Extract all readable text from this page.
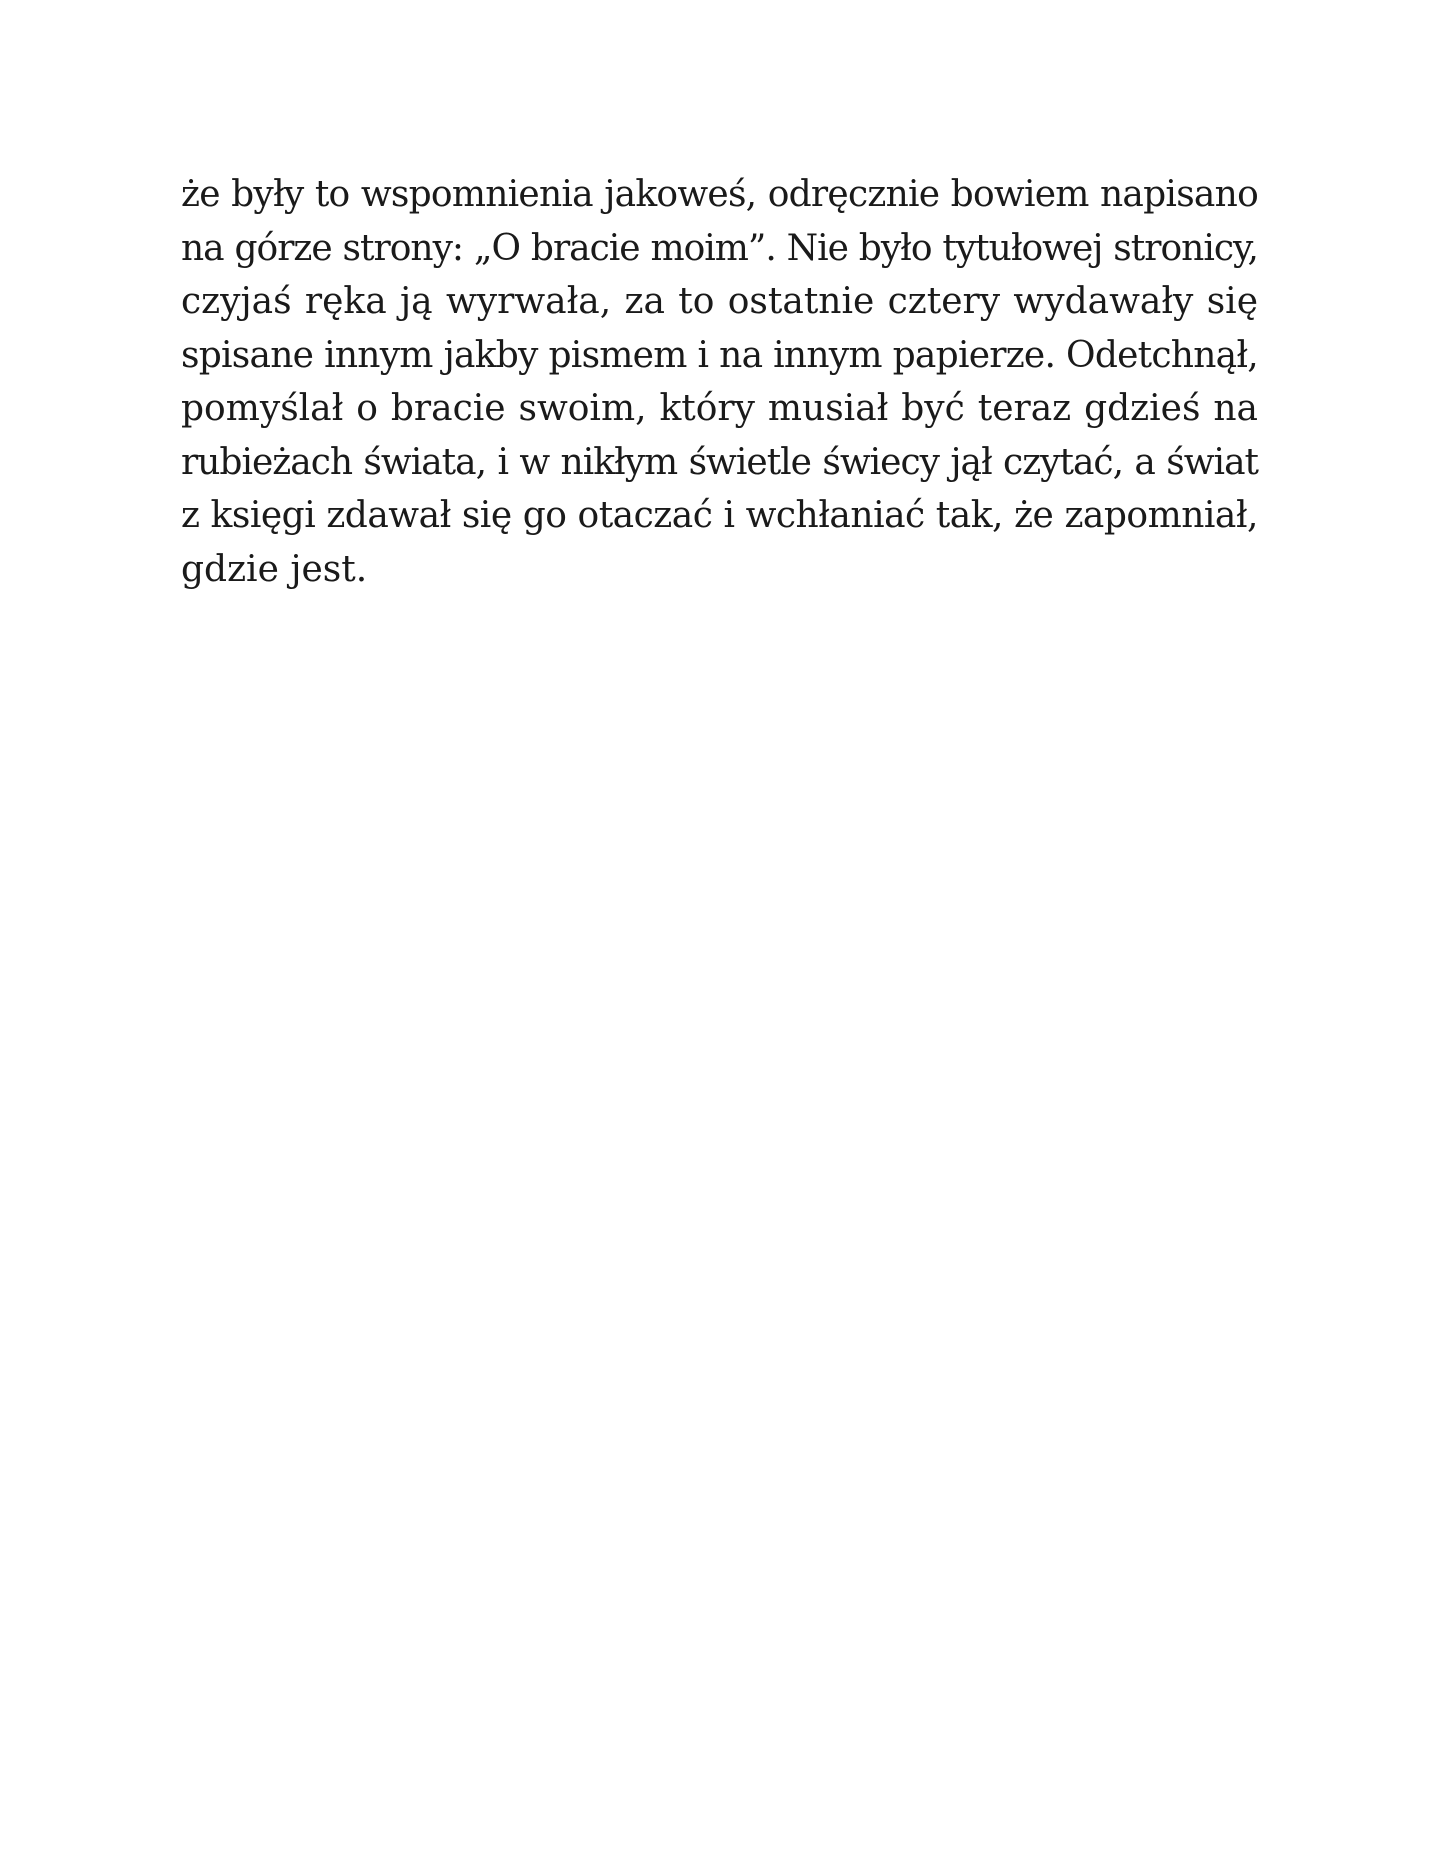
że były to wspomnienia jakoweś, odręcznie bowiem napisano
na górze strony: „O bracie moim”. Nie było tytułowej stronicy,
czyjaś ręka ją wyrwała, za to ostatnie cztery wydawały się
spisane innym jakby pismem i na innym papierze. Odetchnął,
pomyślał o bracie swoim, który musiał być teraz gdzieś na
rubieżach świata, i w nikłym świetle świecy jął czytać, a świat
z księgi zdawał się go otaczać i wchłaniać tak, że zapomniał,
gdzie jest.
